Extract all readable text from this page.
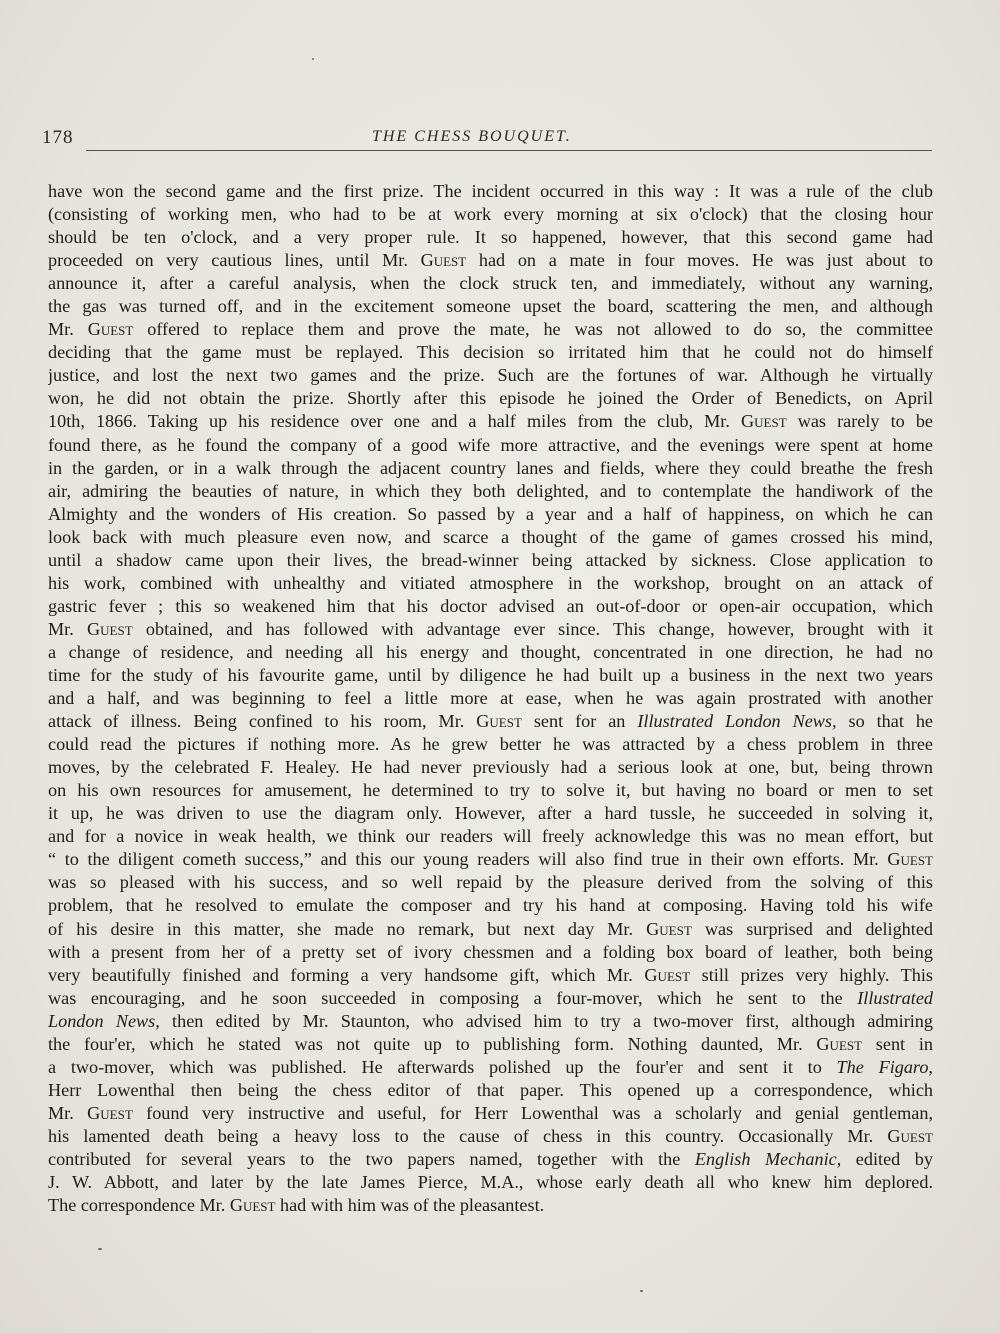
178	THE CHESS BOUQUET.
have won the second game and the first prize. The incident occurred in this way : It was a rule of the club
(consisting of working men, who had to be at work every morning at six o'clock) that the closing hour
should be ten o'clock, and a very proper rule. It so happened, however, that this second game had
proceeded on very cautious lines, until Mr. Guest had on a mate in four moves. He was just about to
announce it, after a careful analysis, when the clock struck ten, and immediately, without any warning,
the gas was turned off, and in the excitement someone upset the board, scattering the men, and although
Mr. Guest offered to replace them and prove the mate, he was not allowed to do so, the committee
deciding that the game must be replayed. This decision so irritated him that he could not do himself
justice, and lost the next two games and the prize. Such are the fortunes of war. Although he virtually
won, he did not obtain the prize. Shortly after this episode he joined the Order of Benedicts, on April
10th, 1866. Taking up his residence over one and a half miles from the club, Mr. Guest was rarely to be
found there, as he found the company of a good wife more attractive, and the evenings were spent at home
in the garden, or in a walk through the adjacent country lanes and fields, where they could breathe the fresh
air, admiring the beauties of nature, in which they both delighted, and to contemplate the handiwork of the
Almighty and the wonders of His creation. So passed by a year and a half of happiness, on which he can
look back with much pleasure even now, and scarce a thought of the game of games crossed his mind,
until a shadow came upon their lives, the bread-winner being attacked by sickness. Close application to
his work, combined with unhealthy and vitiated atmosphere in the workshop, brought on an attack of
gastric fever ; this so weakened him that his doctor advised an out-of-door or open-air occupation, which
Mr. Guest obtained, and has followed with advantage ever since. This change, however, brought with it
a change of residence, and needing all his energy and thought, concentrated in one direction, he had no
time for the study of his favourite game, until by diligence he had built up a business in the next two years
and a half, and was beginning to feel a little more at ease, when he was again prostrated with another
attack of illness. Being confined to his room, Mr. Guest sent for an Illustrated London News, so that he
could read the pictures if nothing more. As he grew better he was attracted by a chess problem in three
moves, by the celebrated F. Healey. He had never previously had a serious look at one, but, being thrown
on his own resources for amusement, he determined to try to solve it, but having no board or men to set
it up, he was driven to use the diagram only. However, after a hard tussle, he succeeded in solving it,
and for a novice in weak health, we think our readers will freely acknowledge this was no mean effort, but
“ to the diligent cometh success,” and this our young readers will also find true in their own efforts. Mr. Guest
was so pleased with his success, and so well repaid by the pleasure derived from the solving of this
problem, that he resolved to emulate the composer and try his hand at composing. Having told his wife
of his desire in this matter, she made no remark, but next day Mr. Guest was surprised and delighted
with a present from her of a pretty set of ivory chessmen and a folding box board of leather, both being
very beautifully finished and forming a very handsome gift, which Mr. Guest still prizes very highly. This
was encouraging, and he soon succeeded in composing a four-mover, which he sent to the Illustrated
London News, then edited by Mr. Staunton, who advised him to try a two-mover first, although admiring
the four'er, which he stated was not quite up to publishing form. Nothing daunted, Mr. Guest sent in
a two-mover, which was published. He afterwards polished up the four'er and sent it to The Figaro,
Herr Lowenthal then being the chess editor of that paper. This opened up a correspondence, which
Mr. Guest found very instructive and useful, for Herr Lowenthal was a scholarly and genial gentleman,
his lamented death being a heavy loss to the cause of chess in this country. Occasionally Mr. Guest
contributed for several years to the two papers named, together with the English Mechanic, edited by
J. W. Abbott, and later by the late James Pierce, M.A., whose early death all who knew him deplored.
The correspondence Mr. Guest had with him was of the pleasantest.
